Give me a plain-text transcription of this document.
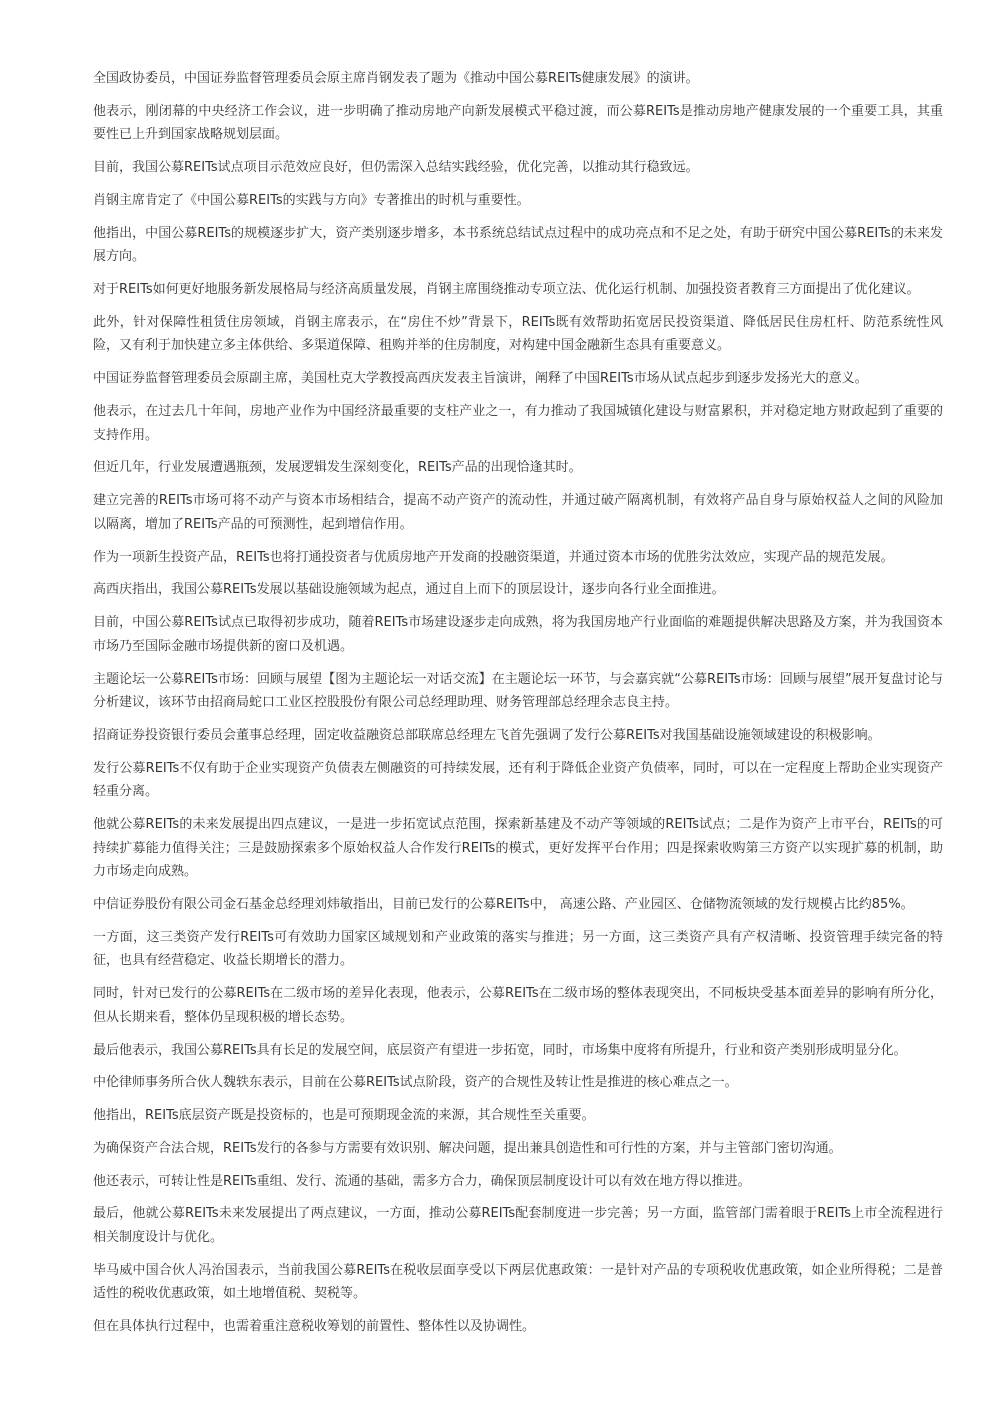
全国政协委员，中国证券监督管理委员会原主席肖钢发表了题为《推动中国公募REITs健康发展》的演讲。

他表示，刚闭幕的中央经济工作会议，进一步明确了推动房地产向新发展模式平稳过渡，而公募REITs是推动房地产健康发展的一个重要工具，其重要性已上升到国家战略规划层面。

目前，我国公募REITs试点项目示范效应良好，但仍需深入总结实践经验，优化完善，以推动其行稳致远。

肖钢主席肯定了《中国公募REITs的实践与方向》专著推出的时机与重要性。

他指出，中国公募REITs的规模逐步扩大，资产类别逐步增多，本书系统总结试点过程中的成功亮点和不足之处，有助于研究中国公募REITs的未来发展方向。

对于REITs如何更好地服务新发展格局与经济高质量发展，肖钢主席围绕推动专项立法、优化运行机制、加强投资者教育三方面提出了优化建议。

此外，针对保障性租赁住房领域，肖钢主席表示，在“房住不炒”背景下，REITs既有效帮助拓宽居民投资渠道、降低居民住房杠杆、防范系统性风险，又有利于加快建立多主体供给、多渠道保障、租购并举的住房制度，对构建中国金融新生态具有重要意义。

中国证券监督管理委员会原副主席，美国杜克大学教授高西庆发表主旨演讲，阐释了中国REITs市场从试点起步到逐步发扬光大的意义。

他表示，在过去几十年间，房地产业作为中国经济最重要的支柱产业之一，有力推动了我国城镇化建设与财富累积，并对稳定地方财政起到了重要的支持作用。

但近几年，行业发展遭遇瓶颈，发展逻辑发生深刻变化，REITs产品的出现恰逢其时。

建立完善的REITs市场可将不动产与资本市场相结合，提高不动产资产的流动性，并通过破产隔离机制，有效将产品自身与原始权益人之间的风险加以隔离，增加了REITs产品的可预测性，起到增信作用。

作为一项新生投资产品，REITs也将打通投资者与优质房地产开发商的投融资渠道，并通过资本市场的优胜劣汰效应，实现产品的规范发展。

高西庆指出，我国公募REITs发展以基础设施领域为起点，通过自上而下的顶层设计，逐步向各行业全面推进。

目前，中国公募REITs试点已取得初步成功，随着REITs市场建设逐步走向成熟，将为我国房地产行业面临的难题提供解决思路及方案，并为我国资本市场乃至国际金融市场提供新的窗口及机遇。

主题论坛一公募REITs市场：回顾与展望【图为主题论坛一对话交流】在主题论坛一环节，与会嘉宾就“公募REITs市场：回顾与展望”展开复盘讨论与分析建议，该环节由招商局蛇口工业区控股股份有限公司总经理助理、财务管理部总经理余志良主持。

招商证券投资银行委员会董事总经理，固定收益融资总部联席总经理左飞首先强调了发行公募REITs对我国基础设施领域建设的积极影响。

发行公募REITs不仅有助于企业实现资产负债表左侧融资的可持续发展，还有利于降低企业资产负债率，同时，可以在一定程度上帮助企业实现资产轻重分离。

他就公募REITs的未来发展提出四点建议，一是进一步拓宽试点范围，探索新基建及不动产等领域的REITs试点；二是作为资产上市平台，REITs的可持续扩募能力值得关注；三是鼓励探索多个原始权益人合作发行REITs的模式，更好发挥平台作用；四是探索收购第三方资产以实现扩募的机制，助力市场走向成熟。

中信证券股份有限公司金石基金总经理刘炜敏指出，目前已发行的公募REITs中， 高速公路、产业园区、仓储物流领域的发行规模占比约85%。

一方面，这三类资产发行REITs可有效助力国家区域规划和产业政策的落实与推进；另一方面，这三类资产具有产权清晰、投资管理手续完备的特征，也具有经营稳定、收益长期增长的潜力。

同时，针对已发行的公募REITs在二级市场的差异化表现，他表示，公募REITs在二级市场的整体表现突出，不同板块受基本面差异的影响有所分化，但从长期来看，整体仍呈现积极的增长态势。

最后他表示，我国公募REITs具有长足的发展空间，底层资产有望进一步拓宽，同时，市场集中度将有所提升，行业和资产类别形成明显分化。

中伦律师事务所合伙人魏轶东表示，目前在公募REITs试点阶段，资产的合规性及转让性是推进的核心难点之一。

他指出，REITs底层资产既是投资标的，也是可预期现金流的来源，其合规性至关重要。

为确保资产合法合规，REITs发行的各参与方需要有效识别、解决问题，提出兼具创造性和可行性的方案，并与主管部门密切沟通。

他还表示，可转让性是REITs重组、发行、流通的基础，需多方合力，确保顶层制度设计可以有效在地方得以推进。

最后，他就公募REITs未来发展提出了两点建议，一方面，推动公募REITs配套制度进一步完善；另一方面，监管部门需着眼于REITs上市全流程进行相关制度设计与优化。

毕马威中国合伙人冯治国表示，当前我国公募REITs在税收层面享受以下两层优惠政策：一是针对产品的专项税收优惠政策，如企业所得税；二是普适性的税收优惠政策，如土地增值税、契税等。

但在具体执行过程中，也需着重注意税收筹划的前置性、整体性以及协调性。
